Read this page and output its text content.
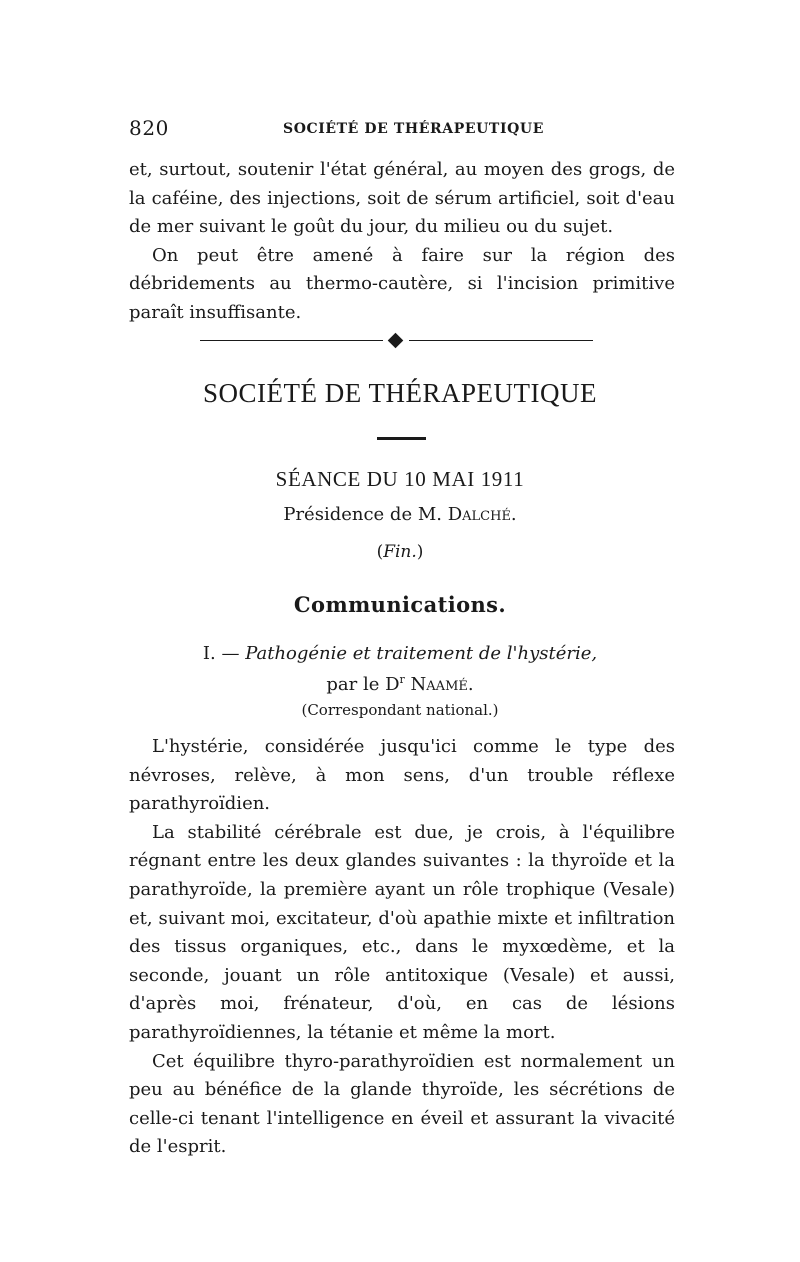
820	SOCIÉTÉ DE THÉRAPEUTIQUE

et, surtout, soutenir l'état général, au moyen des grogs, de la caféine, des injections, soit de sérum artificiel, soit d'eau de mer suivant le goût du jour, du milieu ou du sujet.

On peut être amené à faire sur la région des débridements au thermo-cautère, si l'incision primitive paraît insuffisante.

SOCIÉTÉ DE THÉRAPEUTIQUE
SÉANCE DU 10 MAI 1911
Présidence de M. Dalché.
(Fin.)
Communications.
I. — Pathogénie et traitement de l'hystérie,
par le $D^r$ Naamé.
(Correspondant national.)

L'hystérie, considérée jusqu'ici comme le type des névroses, relève, à mon sens, d'un trouble réflexe parathyroïdien.

La stabilité cérébrale est due, je crois, à l'équilibre régnant entre les deux glandes suivantes : la thyroïde et la parathyroïde, la première ayant un rôle trophique (Vesale) et, suivant moi, excitateur, d'où apathie mixte et infiltration des tissus organiques, etc., dans le myxœdème, et la seconde, jouant un rôle antitoxique (Vesale) et aussi, d'après moi, frénateur, d'où, en cas de lésions parathyroïdiennes, la tétanie et même la mort.

Cet équilibre thyro-parathyroïdien est normalement un peu au bénéfice de la glande thyroïde, les sécrétions de celle-ci tenant l'intelligence en éveil et assurant la vivacité de l'esprit.
